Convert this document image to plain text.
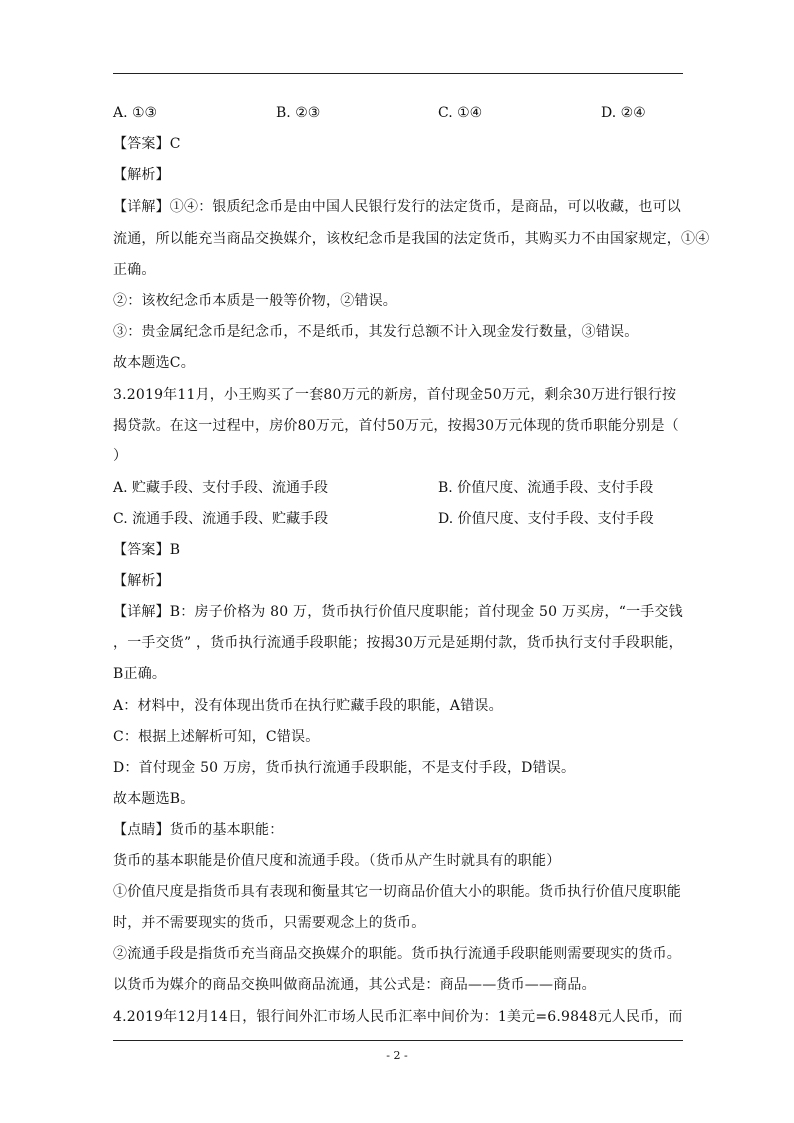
A. ①③	B. ②③	C. ①④	D. ②④
【答案】C
【解析】
【详解】①④：银质纪念币是由中国人民银行发行的法定货币，是商品，可以收藏，也可以
流通，所以能充当商品交换媒介，该枚纪念币是我国的法定货币，其购买力不由国家规定，①④
正确。
②：该枚纪念币本质是一般等价物，②错误。
③：贵金属纪念币是纪念币，不是纸币，其发行总额不计入现金发行数量，③错误。
故本题选C。
3.2019年11月，小王购买了一套80万元的新房，首付现金50万元，剩余30万进行银行按
揭贷款。在这一过程中，房价80万元，首付50万元，按揭30万元体现的货币职能分别是（
）
A. 贮藏手段、支付手段、流通手段	B. 价值尺度、流通手段、支付手段
C. 流通手段、流通手段、贮藏手段	D. 价值尺度、支付手段、支付手段
【答案】B
【解析】
【详解】B：房子价格为 80 万，货币执行价值尺度职能；首付现金 50 万买房，“一手交钱
，一手交货” ，货币执行流通手段职能；按揭30万元是延期付款，货币执行支付手段职能，
B正确。
A：材料中，没有体现出货币在执行贮藏手段的职能，A错误。
C：根据上述解析可知，C错误。
D：首付现金 50 万房，货币执行流通手段职能，不是支付手段，D错误。
故本题选B。
【点睛】货币的基本职能：
货币的基本职能是价值尺度和流通手段。（货币从产生时就具有的职能）
①价值尺度是指货币具有表现和衡量其它一切商品价值大小的职能。货币执行价值尺度职能
时，并不需要现实的货币，只需要观念上的货币。
②流通手段是指货币充当商品交换媒介的职能。货币执行流通手段职能则需要现实的货币。
以货币为媒介的商品交换叫做商品流通，其公式是：商品——货币——商品。
4.2019年12月14日，银行间外汇市场人民币汇率中间价为：1美元=6.9848元人民币，而
- 2 -
